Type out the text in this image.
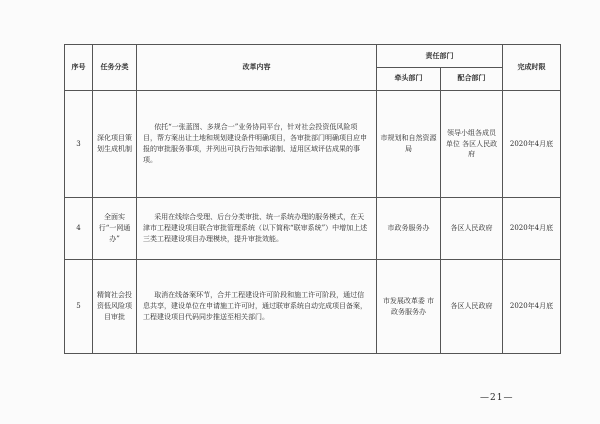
序号	任务分类	改革内容	责任部门		完成时限
			牵头部门	配合部门	
3	深化项目策划生成机制	依托“一张蓝图、多规合一”业务协同平台，针对社会投资低风险项目，帮方案出让土地和规划建设条件明确项目，各审批部门明确项目应申报的审批服务事项，并列出可执行告知承诺制、适用区域评估成果的事项。	市规划和自然资源局	领导小组各成员单位 各区人民政府	2020年4月底
4	全面实行“一网通办”	采用在线综合受理、后台分类审批、统一系统办理的服务模式，在天津市工程建设项目联合审批管理系统（以下简称“联审系统”）中增加上述三类工程建设项目办理模块，提升审批效能。	市政务服务办	各区人民政府	2020年4月底
5	精简社会投资低风险项目审批	取消在线备案环节，合并工程建设许可阶段和施工许可阶段，通过信息共享，建设单位在申请施工许可时，通过联审系统自动完成项目备案，工程建设项目代码同步推送至相关部门。	市发展改革委 市政务服务办	各区人民政府	2020年4月底
—21—
